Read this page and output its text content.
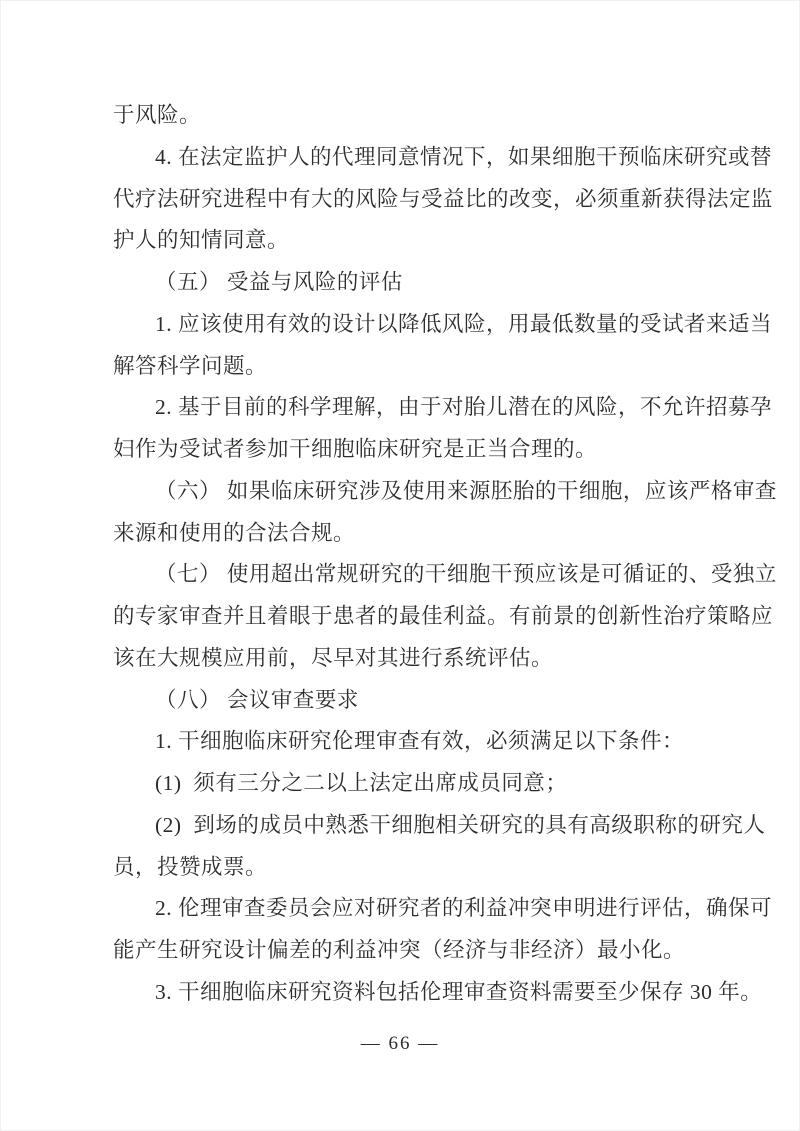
于风险。
4. 在法定监护人的代理同意情况下，如果细胞干预临床研究或替
代疗法研究进程中有大的风险与受益比的改变，必须重新获得法定监
护人的知情同意。
（五） 受益与风险的评估
1. 应该使用有效的设计以降低风险，用最低数量的受试者来适当
解答科学问题。
2. 基于目前的科学理解，由于对胎儿潜在的风险，不允许招募孕
妇作为受试者参加干细胞临床研究是正当合理的。
（六） 如果临床研究涉及使用来源胚胎的干细胞，应该严格审查
来源和使用的合法合规。
（七） 使用超出常规研究的干细胞干预应该是可循证的、受独立
的专家审查并且着眼于患者的最佳利益。有前景的创新性治疗策略应
该在大规模应用前，尽早对其进行系统评估。
（八） 会议审查要求
1. 干细胞临床研究伦理审查有效，必须满足以下条件：
(1)  须有三分之二以上法定出席成员同意；
(2)  到场的成员中熟悉干细胞相关研究的具有高级职称的研究人
员，投赞成票。
2. 伦理审查委员会应对研究者的利益冲突申明进行评估，确保可
能产生研究设计偏差的利益冲突（经济与非经济）最小化。
3. 干细胞临床研究资料包括伦理审查资料需要至少保存 30 年。
— 66 —
